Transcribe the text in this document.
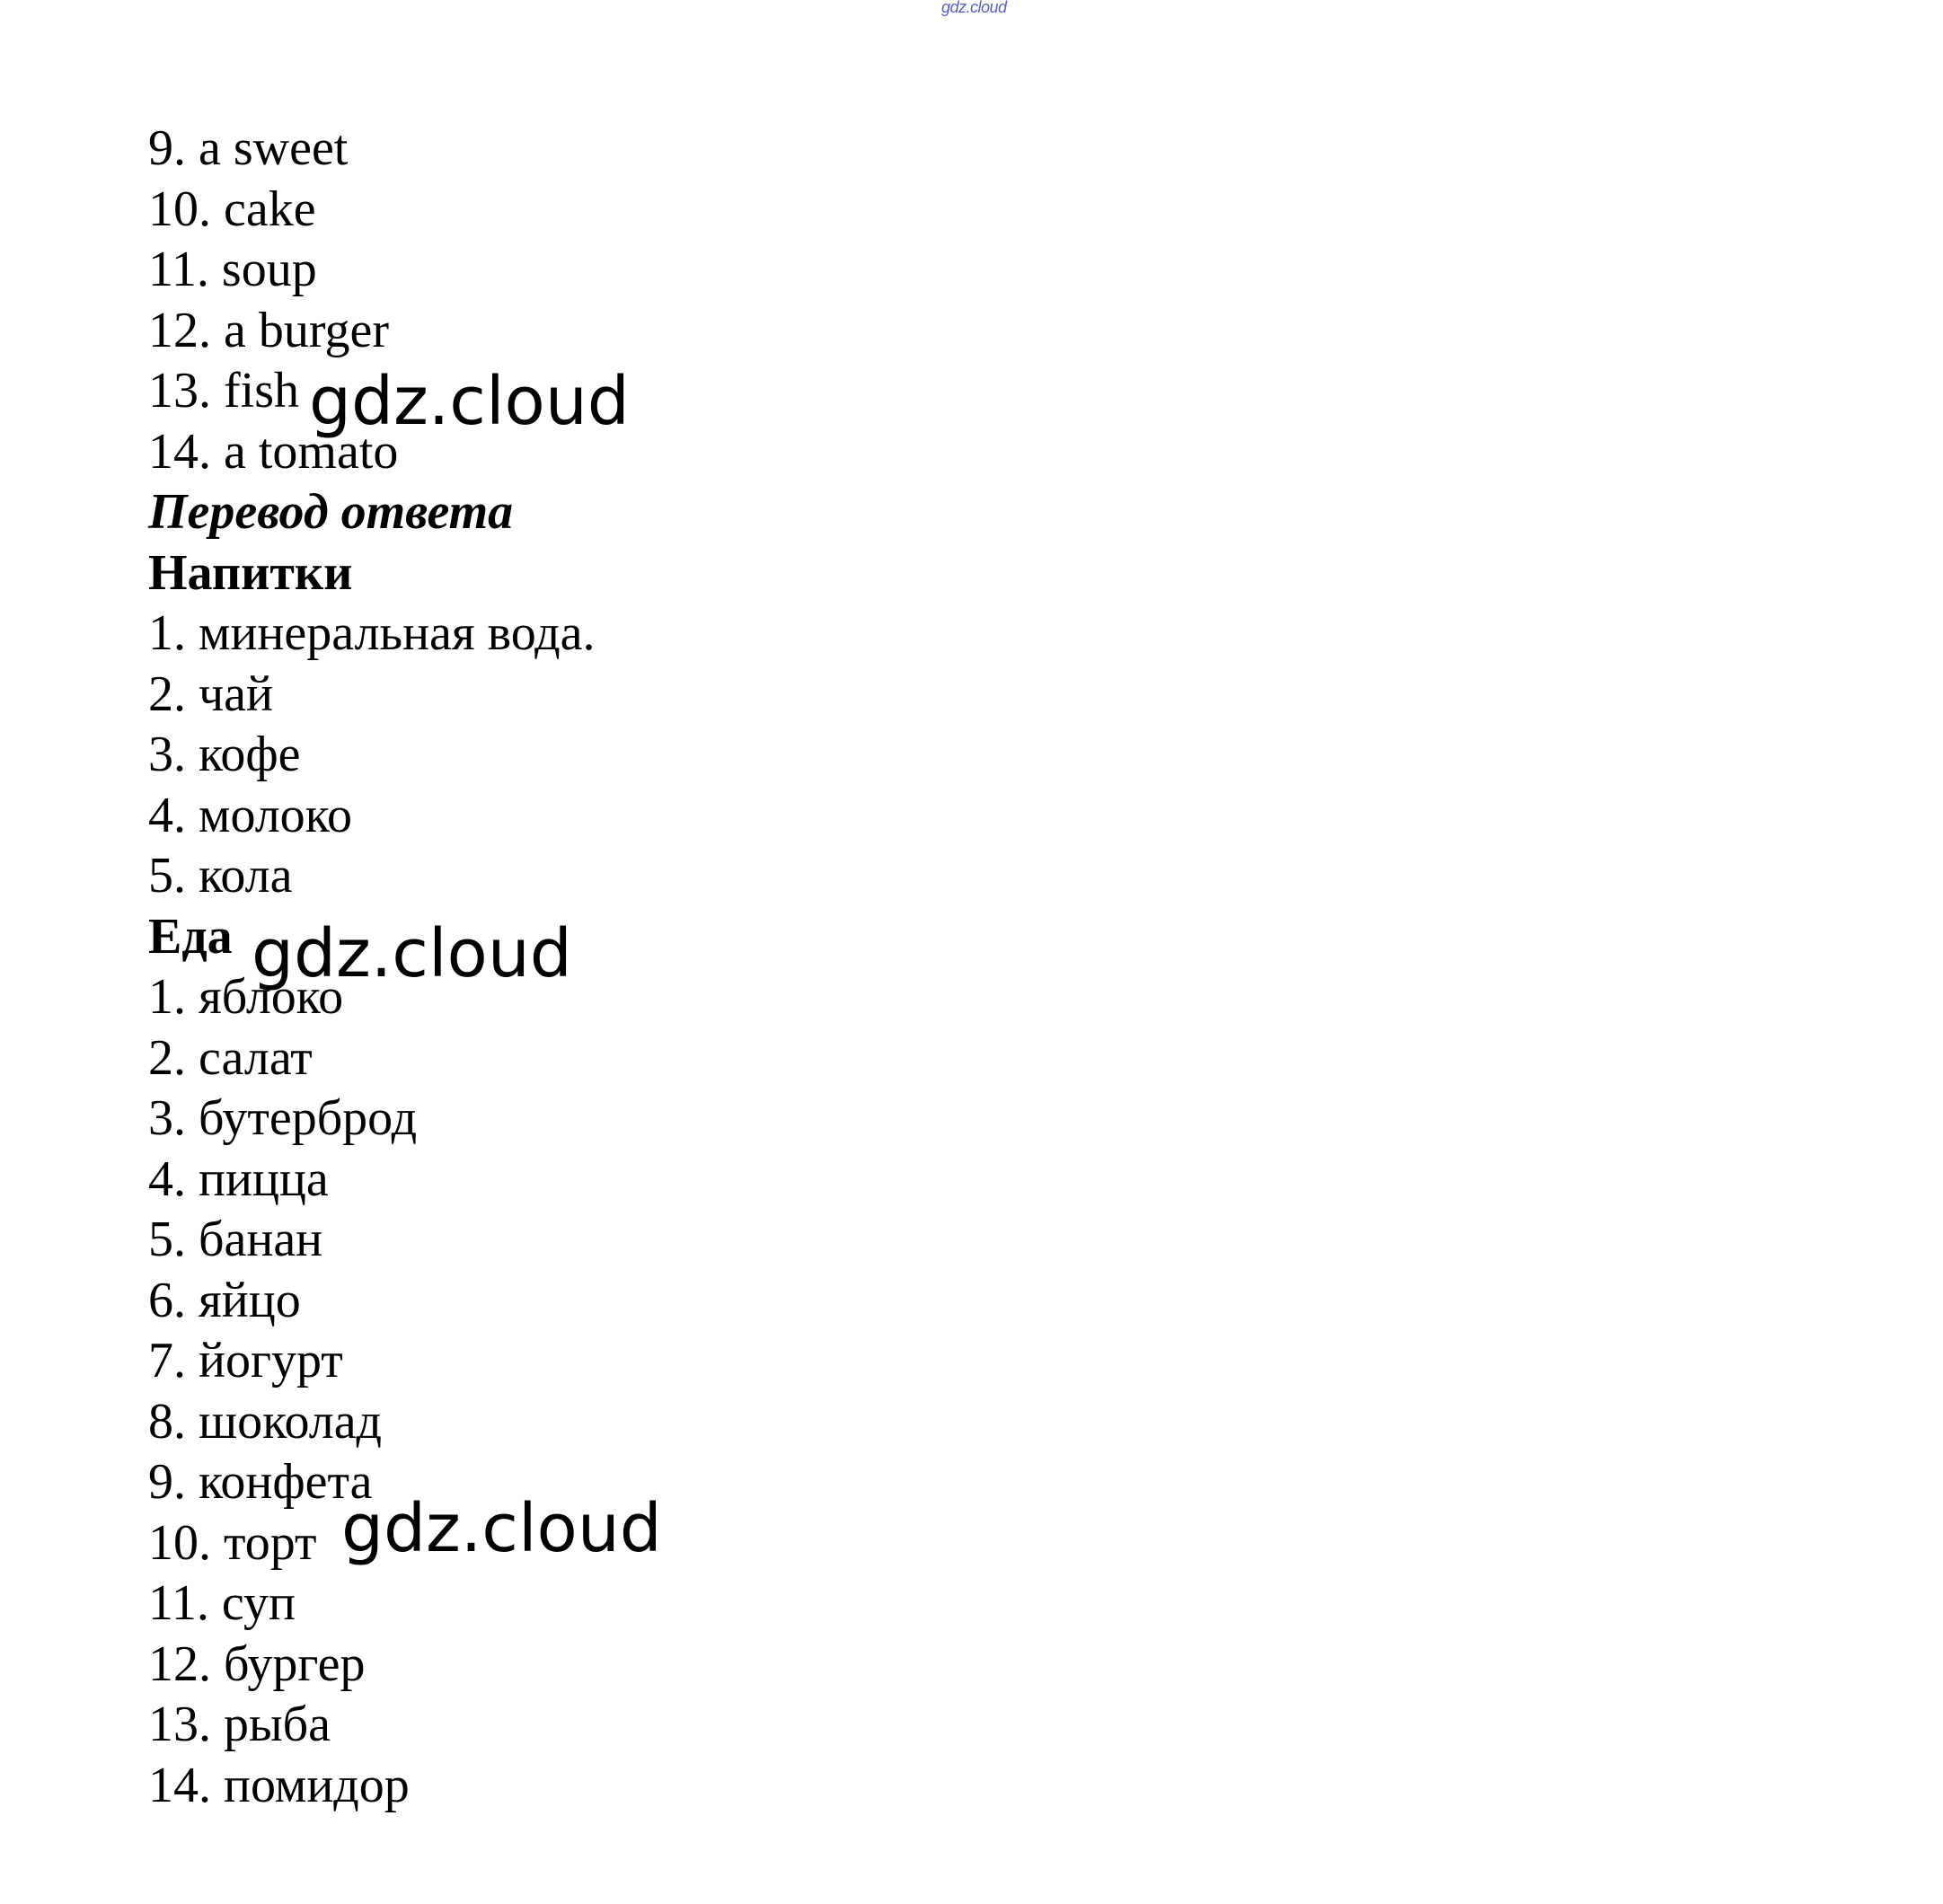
gdz.cloud
9. a sweet
10. cake
11. soup
12. a burger
13. fish
14. a tomato
Перевод ответа
Напитки
1. минеральная вода.
2. чай
3. кофе
4. молоко
5. кола
Еда
1. яблоко
2. салат
3. бутерброд
4. пицца
5. банан
6. яйцо
7. йогурт
8. шоколад
9. конфета
10. торт
11. суп
12. бургер
13. рыба
14. помидор
gdz.cloud
gdz.cloud
gdz.cloud
